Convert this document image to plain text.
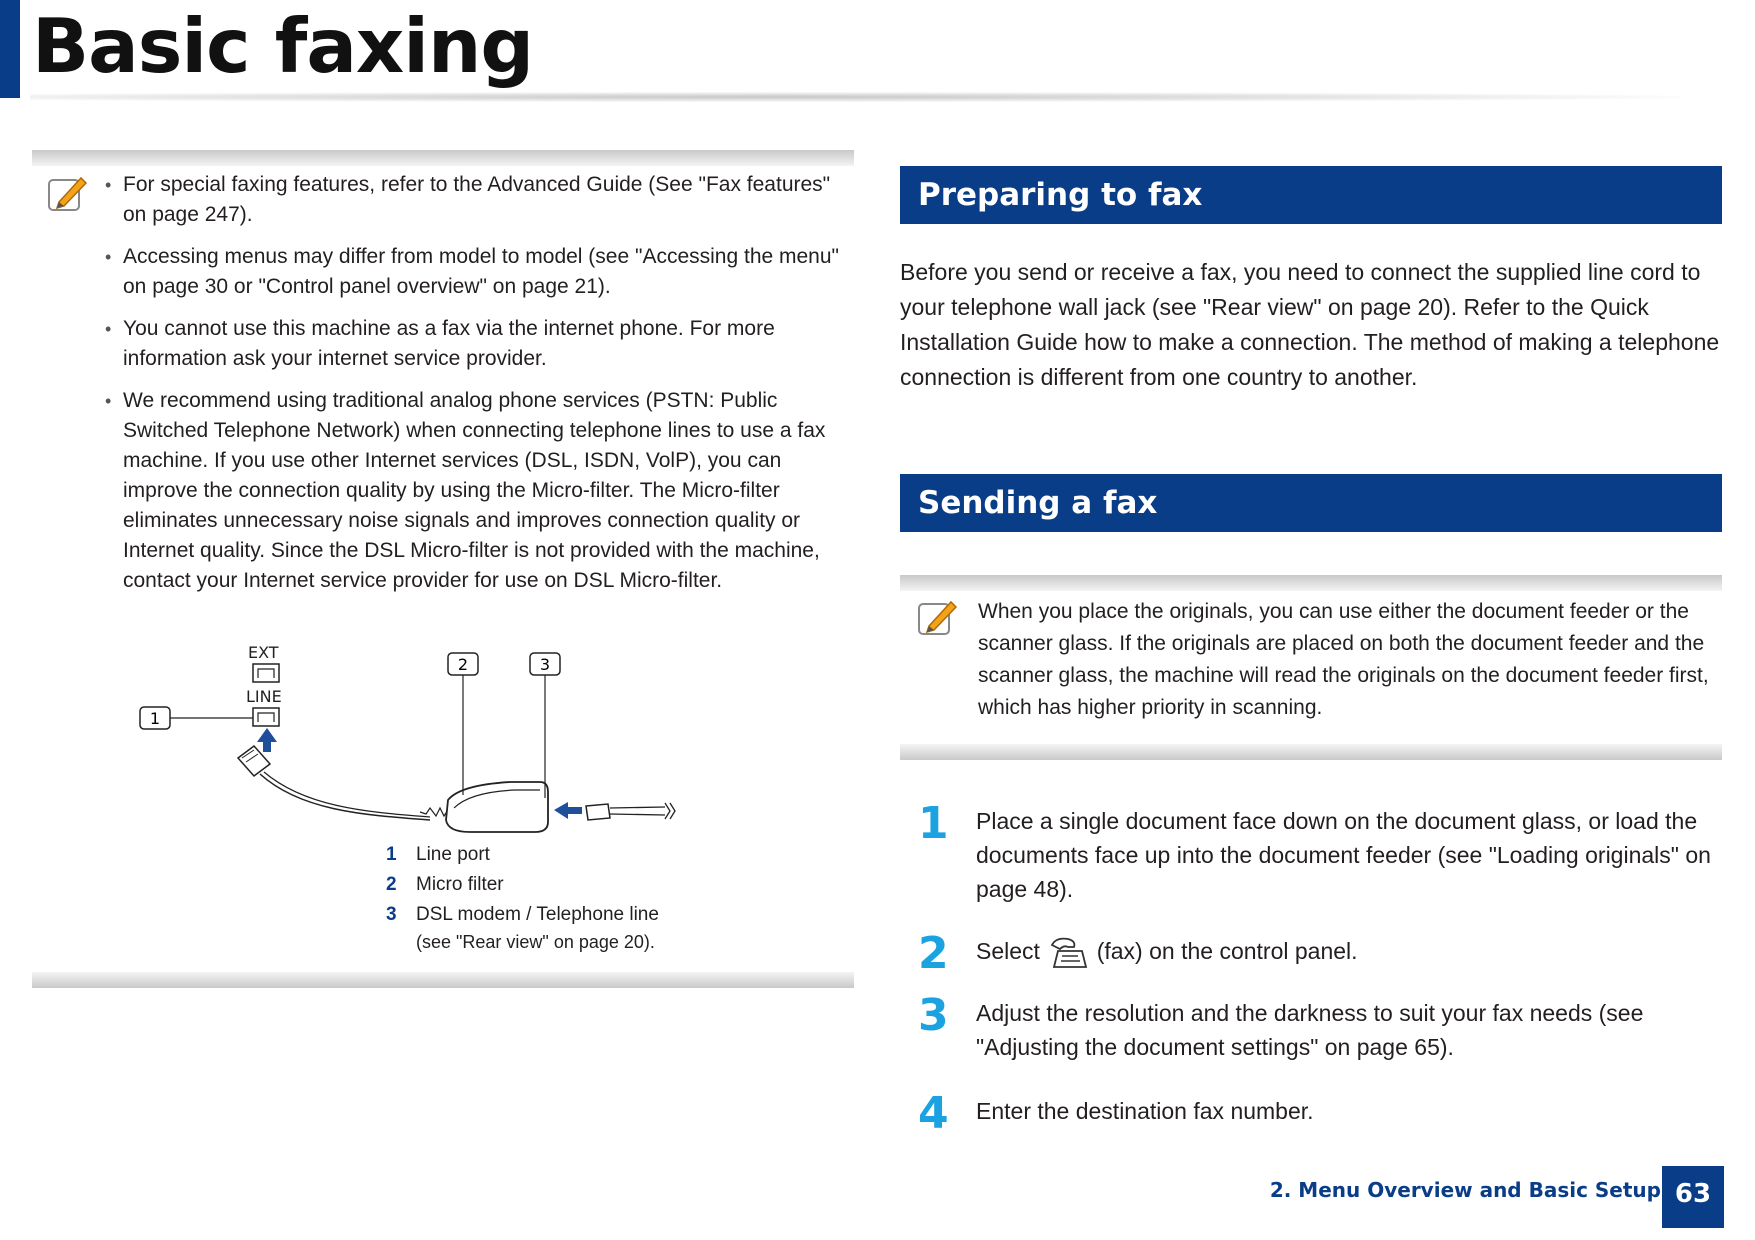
Basic faxing
• For special faxing features, refer to the Advanced Guide (See "Fax features" on page 247).
• Accessing menus may differ from model to model (see "Accessing the menu" on page 30 or "Control panel overview" on page 21).
• You cannot use this machine as a fax via the internet phone. For more information ask your internet service provider.
• We recommend using traditional analog phone services (PSTN: Public Switched Telephone Network) when connecting telephone lines to use a fax machine. If you use other Internet services (DSL, ISDN, VolP), you can improve the connection quality by using the Micro-filter. The Micro-filter eliminates unnecessary noise signals and improves connection quality or Internet quality. Since the DSL Micro-filter is not provided with the machine, contact your Internet service provider for use on DSL Micro-filter.
EXT
LINE
1
2	3
1	Line port
2	Micro filter
3	DSL modem / Telephone line
(see "Rear view" on page 20).
Preparing to fax

Before you send or receive a fax, you need to connect the supplied line cord to your telephone wall jack (see "Rear view" on page 20). Refer to the Quick Installation Guide how to make a connection. The method of making a telephone connection is different from one country to another.

Sending a fax

When you place the originals, you can use either the document feeder or the scanner glass. If the originals are placed on both the document feeder and the scanner glass, the machine will read the originals on the document feeder first, which has higher priority in scanning.

1	Place a single document face down on the document glass, or load the documents face up into the document feeder (see "Loading originals" on page 48).
2	Select (fax) on the control panel.
3	Adjust the resolution and the darkness to suit your fax needs (see "Adjusting the document settings" on page 65).
4	Enter the destination fax number.
2. Menu Overview and Basic Setup 63
